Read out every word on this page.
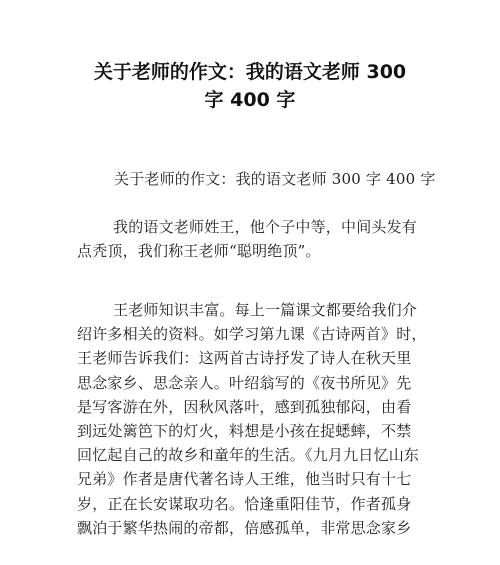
关于老师的作文：我的语文老师 300
字 400 字
关于老师的作文：我的语文老师 300 字 400 字
我的语文老师姓王，他个子中等，中间头发有
点秃顶，我们称王老师“聪明绝顶”。
王老师知识丰富。每上一篇课文都要给我们介
绍许多相关的资料。如学习第九课《古诗两首》时，
王老师告诉我们：这两首古诗抒发了诗人在秋天里
思念家乡、思念亲人。叶绍翁写的《夜书所见》先
是写客游在外，因秋风落叶，感到孤独郁闷，由看
到远处篱笆下的灯火，料想是小孩在捉蟋蟀，不禁
回忆起自己的故乡和童年的生活。《九月九日忆山东
兄弟》作者是唐代著名诗人王维，他当时只有十七
岁，正在长安谋取功名。恰逢重阳佳节，作者孤身
飘泊于繁华热闹的帝都，倍感孤单，非常思念家乡
